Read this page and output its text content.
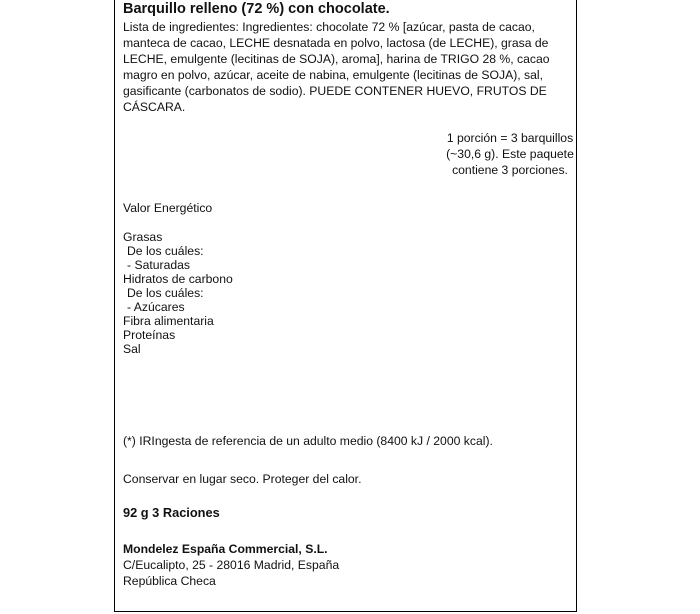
Barquillo relleno (72 %) con chocolate.
Lista de ingredientes: Ingredientes: chocolate 72 % [azúcar, pasta de cacao,
manteca de cacao, LECHE desnatada en polvo, lactosa (de LECHE), grasa de
LECHE, emulgente (lecitinas de SOJA), aroma], harina de TRIGO 28 %, cacao
magro en polvo, azúcar, aceite de nabina, emulgente (lecitinas de SOJA), sal,
gasificante (carbonatos de sodio). PUEDE CONTENER HUEVO, FRUTOS DE
CÁSCARA.
1 porción = 3 barquillos
(~30,6 g). Este paquete
contiene 3 porciones.
Valor Energético
Grasas
De los cuáles:
- Saturadas
Hidratos de carbono
De los cuáles:
- Azúcares
Fibra alimentaria
Proteínas
Sal
(*) IRIngesta de referencia de un adulto medio (8400 kJ / 2000 kcal).
Conservar en lugar seco. Proteger del calor.
92 g 3 Raciones
Mondelez España Commercial, S.L.
C/Eucalipto, 25 - 28016 Madrid, España
República Checa
